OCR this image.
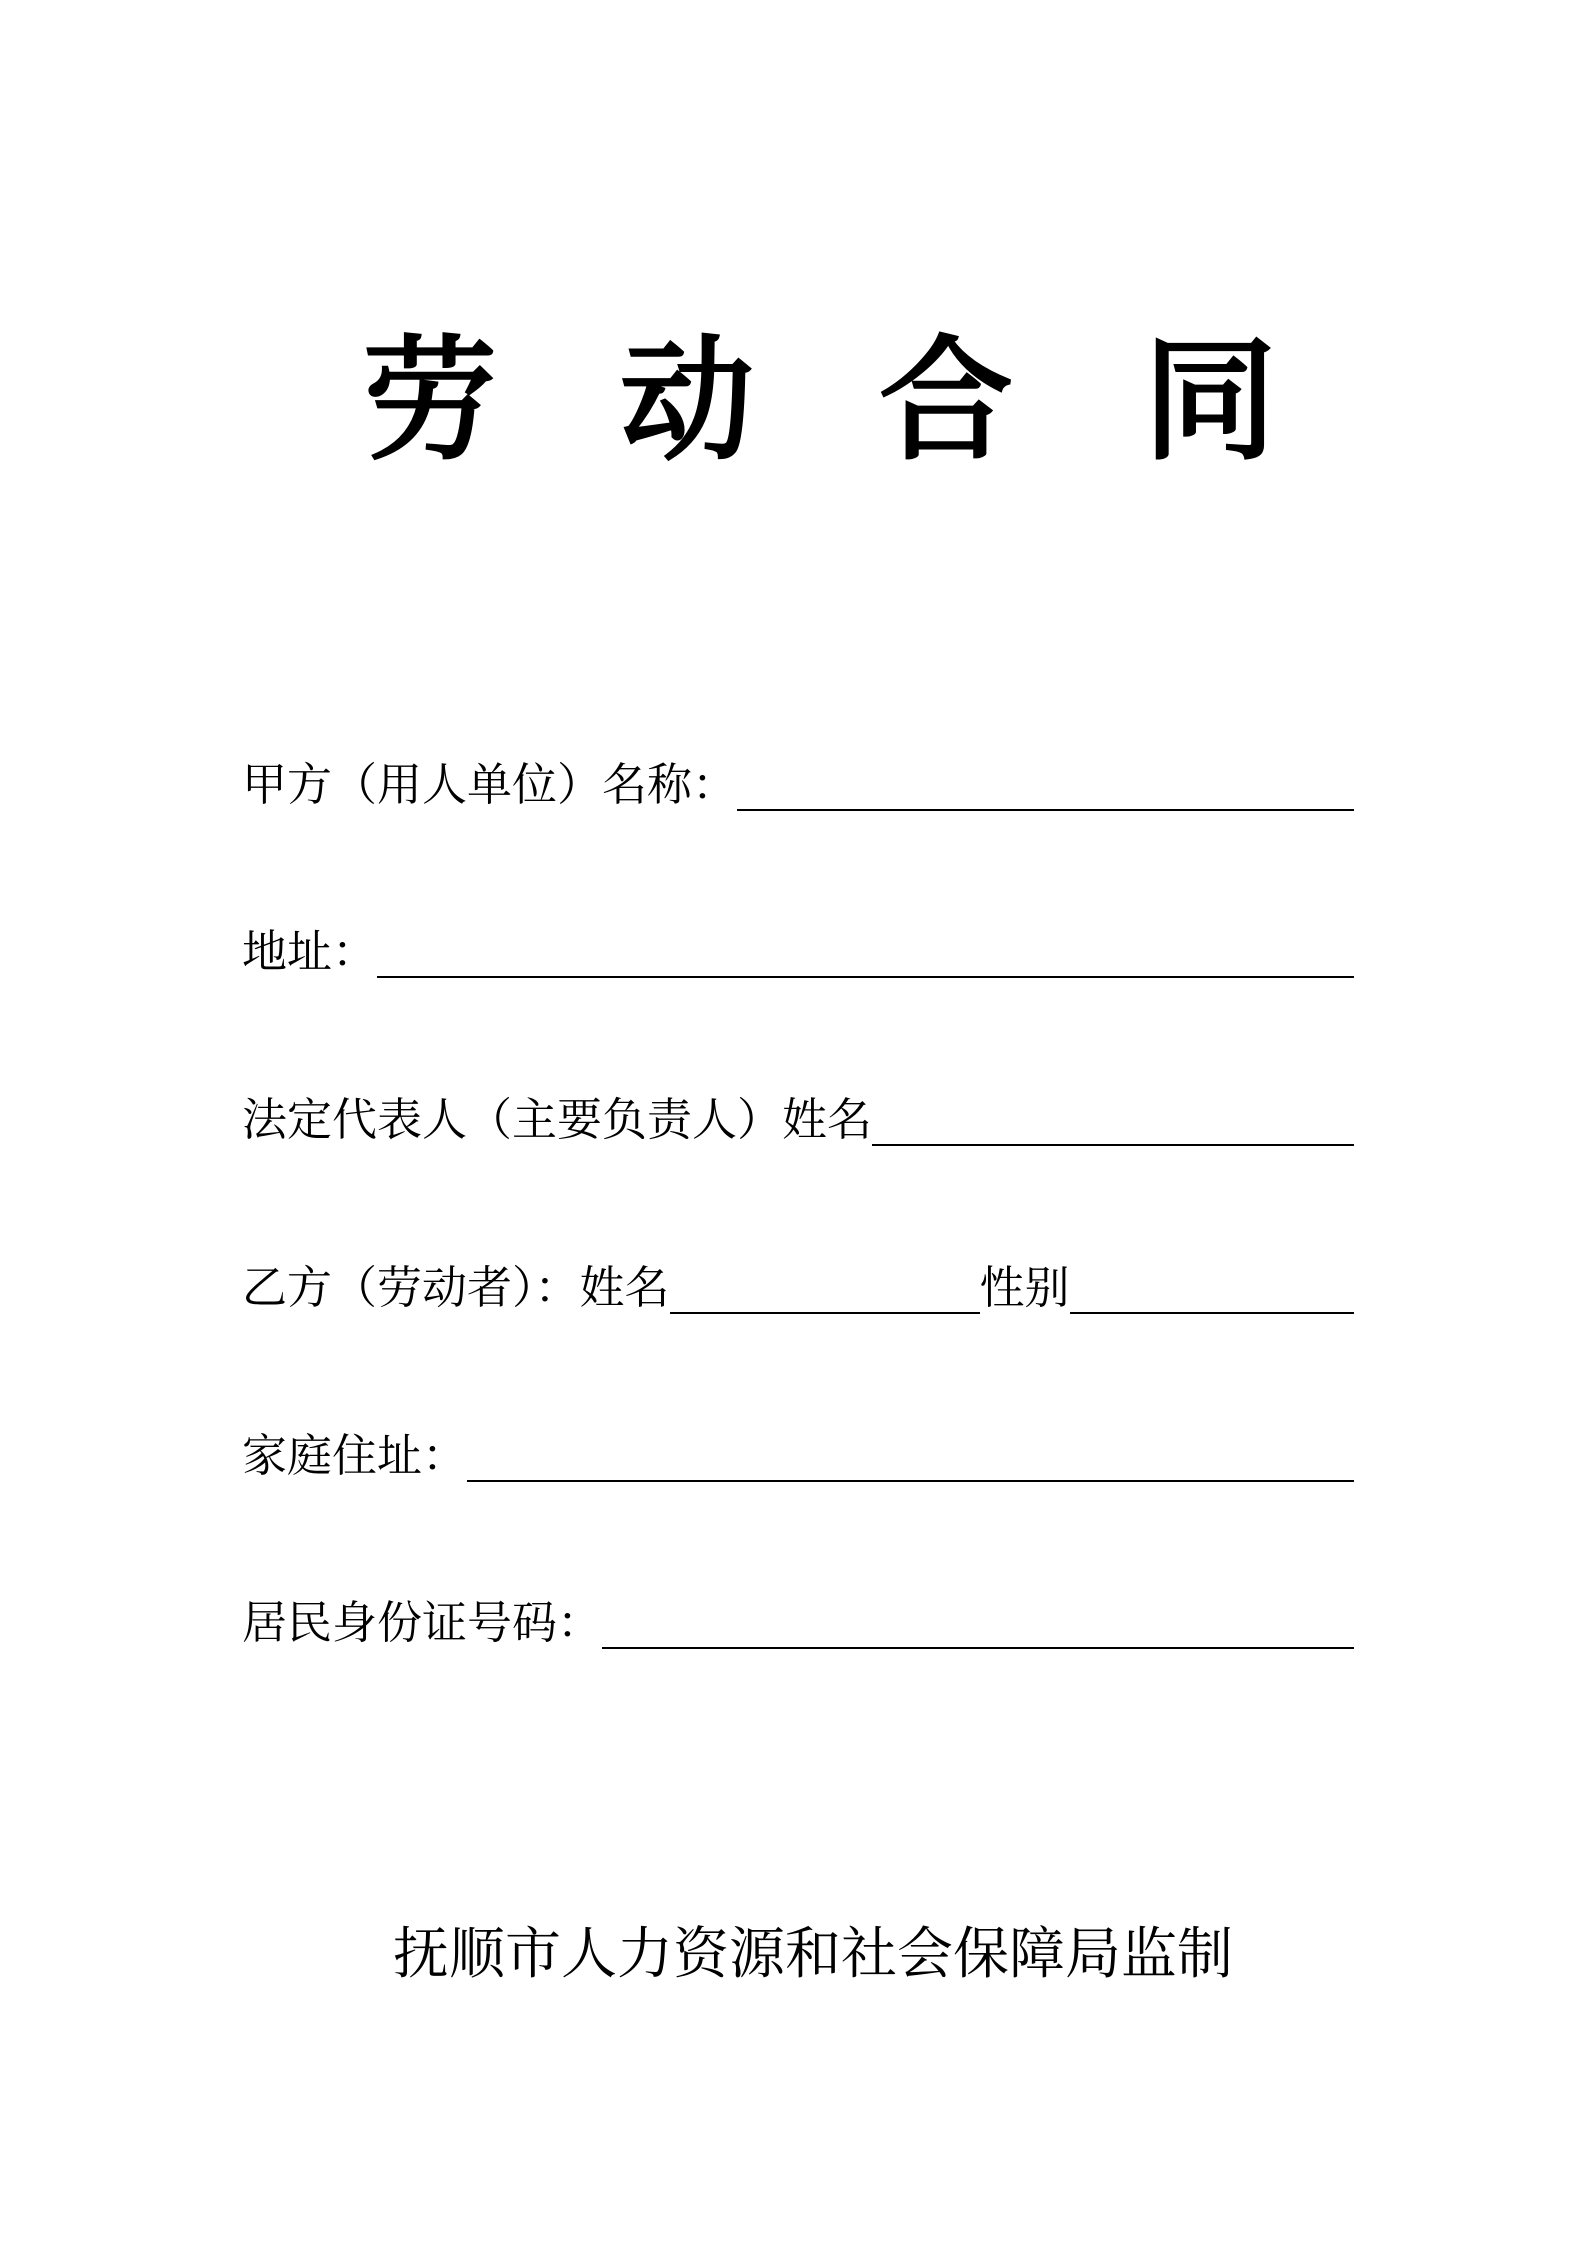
劳 动 合 同
甲方（用人单位）名称：
地址：
法定代表人（主要负责人）姓名
乙方（劳动者）：姓名	性别
家庭住址：
居民身份证号码：
抚顺市人力资源和社会保障局监制
